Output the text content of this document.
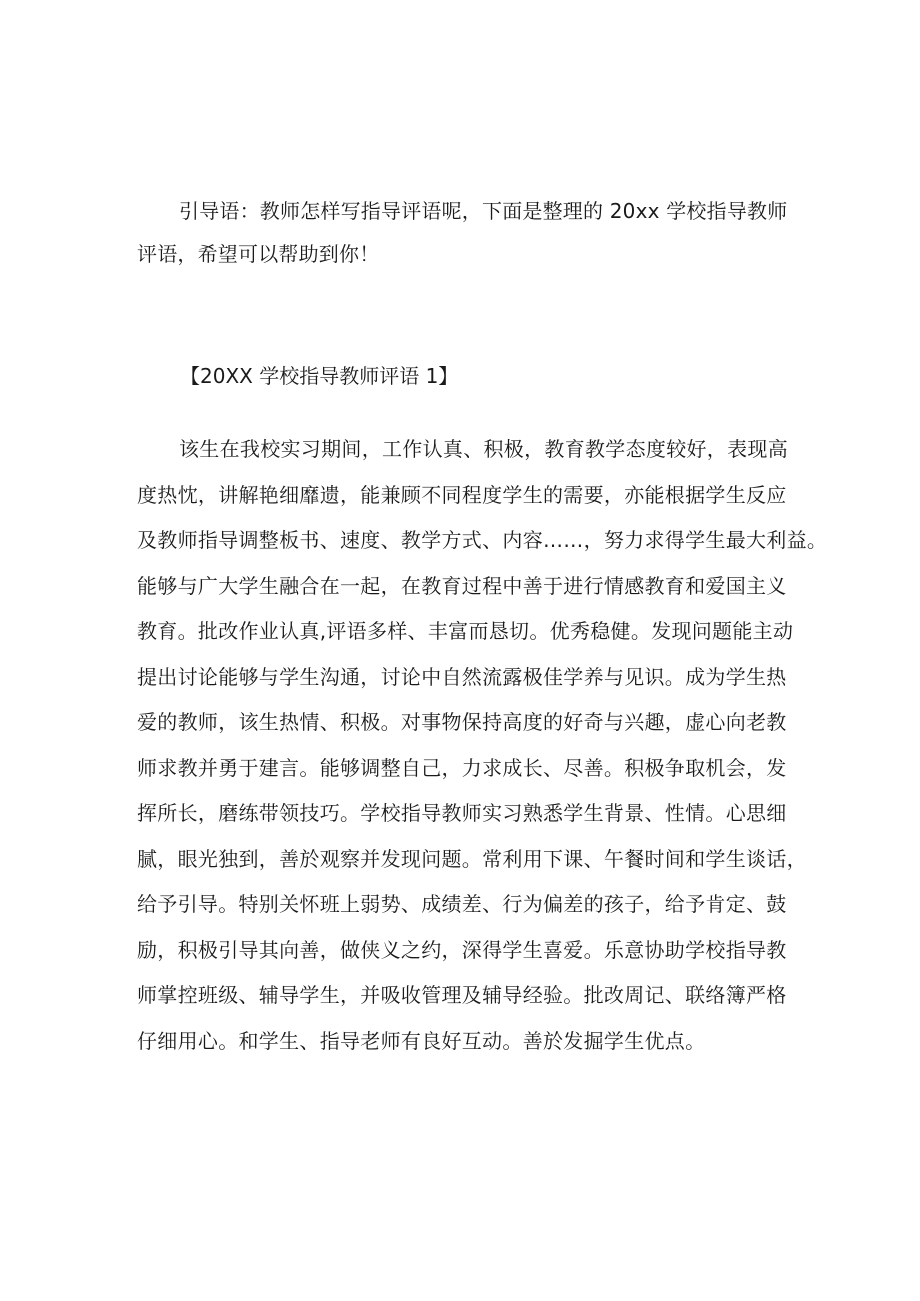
引导语：教师怎样写指导评语呢，下面是整理的 20xx 学校指导教师
评语，希望可以帮助到你！

【20XX 学校指导教师评语 1】

该生在我校实习期间，工作认真、积极，教育教学态度较好，表现高
度热忱，讲解艳细靡遗，能兼顾不同程度学生的需要，亦能根据学生反应
及教师指导调整板书、速度、教学方式、内容……，努力求得学生最大利益。
能够与广大学生融合在一起，在教育过程中善于进行情感教育和爱国主义
教育。批改作业认真,评语多样、丰富而恳切。优秀稳健。发现问题能主动
提出讨论能够与学生沟通，讨论中自然流露极佳学养与见识。成为学生热
爱的教师，该生热情、积极。对事物保持高度的好奇与兴趣，虚心向老教
师求教并勇于建言。能够调整自己，力求成长、尽善。积极争取机会，发
挥所长，磨练带领技巧。学校指导教师实习熟悉学生背景、性情。心思细
腻，眼光独到，善於观察并发现问题。常利用下课、午餐时间和学生谈话，
给予引导。特别关怀班上弱势、成绩差、行为偏差的孩子，给予肯定、鼓
励，积极引导其向善，做侠义之约，深得学生喜爱。乐意协助学校指导教
师掌控班级、辅导学生，并吸收管理及辅导经验。批改周记、联络簿严格
仔细用心。和学生、指导老师有良好互动。善於发掘学生优点。
